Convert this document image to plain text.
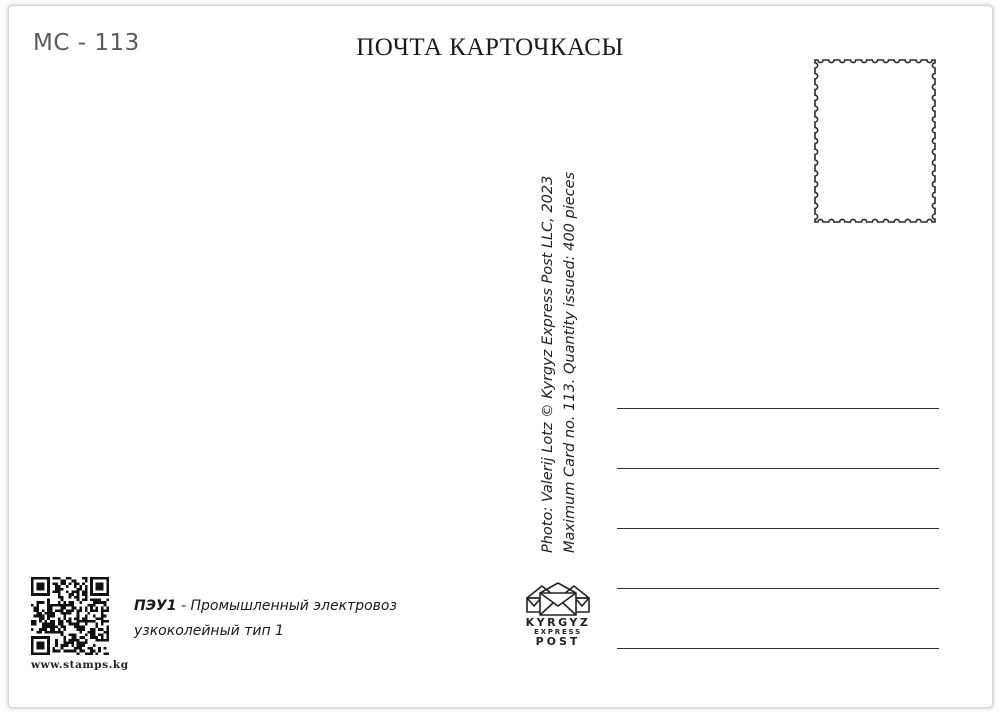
MC - 113	ПОЧТА КАРТОЧКАСЫ
Photo: Valerij Lotz © Kyrgyz Express Post LLC, 2023 Maximum Card no. 113. Quantity issued: 400 pieces
KYRGYZ
EXPRESS
POST
www.stamps.kg
ПЭУ1 - Промышленный электровоз
узкоколейный тип 1
